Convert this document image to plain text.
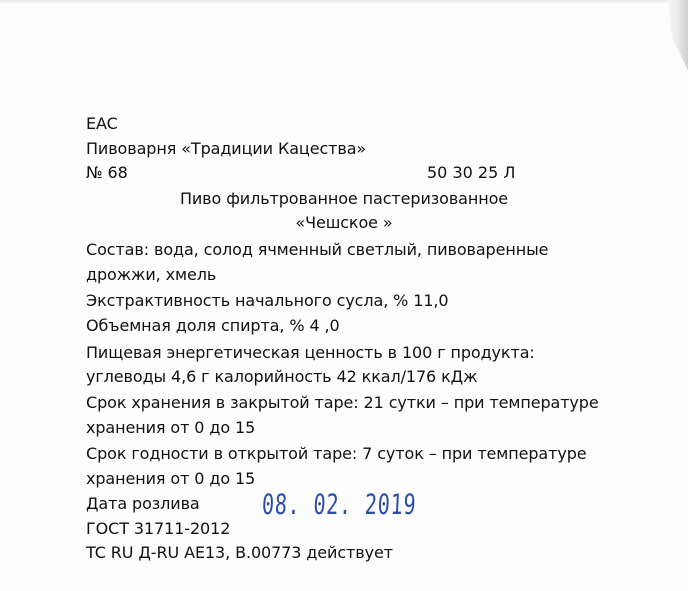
EAC
Пивоварня «Традиции Кацества»
№ 68	50 30 25 Л
Пиво фильтрованное пастеризованное
«Чешское »
Состав: вода, солод ячменный светлый, пивоваренные
дрожжи, хмель
Экстрактивность начального сусла, % 11,0
Объемная доля спирта, % 4 ,0
Пищевая энергетическая ценность в 100 г продукта:
углеводы 4,6 г калорийность 42 ккал/176 кДж
Срок хранения в закрытой таре: 21 сутки – при температуре
хранения от 0 до 15
Срок годности в открытой таре: 7 суток – при температуре
хранения от 0 до 15
Дата розлива 08. 02. 2019
ГОСТ 31711-2012
TC RU Д-RU AE13, B.00773 действует
